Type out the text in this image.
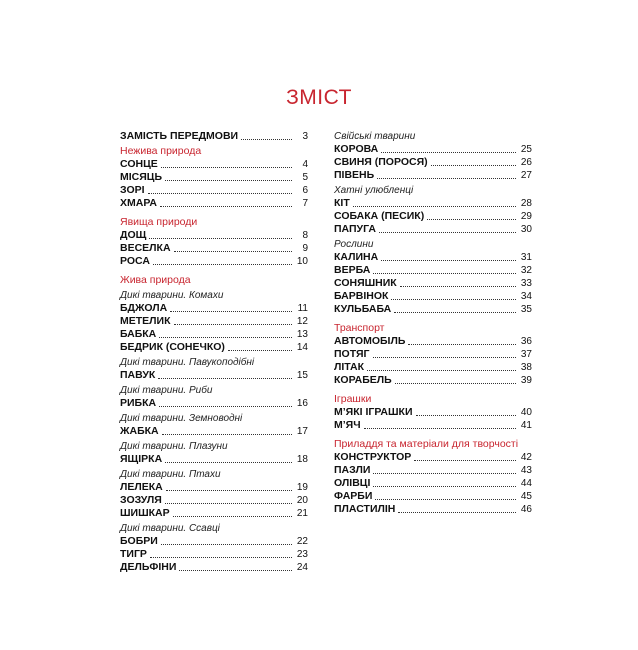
ЗМІСТ
ЗАМІСТЬ ПЕРЕДМОВИ	3
Нежива природа
СОНЦЕ	4
МІСЯЦЬ	5
ЗОРІ	6
ХМАРА	7
Явища природи
ДОЩ	8
ВЕСЕЛКА	9
РОСА	10
Жива природа
Дикі тварини. Комахи
БДЖОЛА	11
МЕТЕЛИК	12
БАБКА	13
БЕДРИК (СОНЕЧКО)	14
Дикі тварини. Павукоподібні
ПАВУК	15
Дикі тварини. Риби
РИБКА	16
Дикі тварини. Земноводні
ЖАБКА	17
Дикі тварини. Плазуни
ЯЩІРКА	18
Дикі тварини. Птахи
ЛЕЛЕКА	19
ЗОЗУЛЯ	20
ШИШКАР	21
Дикі тварини. Ссавці
БОБРИ	22
ТИГР	23
ДЕЛЬФІНИ	24
Свійські тварини
КОРОВА	25
СВИНЯ (ПОРОСЯ)	26
ПІВЕНЬ	27
Хатні улюбленці
КІТ	28
СОБАКА (ПЕСИК)	29
ПАПУГА	30
Рослини
КАЛИНА	31
ВЕРБА	32
СОНЯШНИК	33
БАРВІНОК	34
КУЛЬБАБА	35
Транспорт
АВТОМОБІЛЬ	36
ПОТЯГ	37
ЛІТАК	38
КОРАБЕЛЬ	39
Іграшки
М’ЯКІ ІГРАШКИ	40
М’ЯЧ	41
Приладдя та матеріали для творчості
КОНСТРУКТОР	42
ПАЗЛИ	43
ОЛІВЦІ	44
ФАРБИ	45
ПЛАСТИЛІН	46
